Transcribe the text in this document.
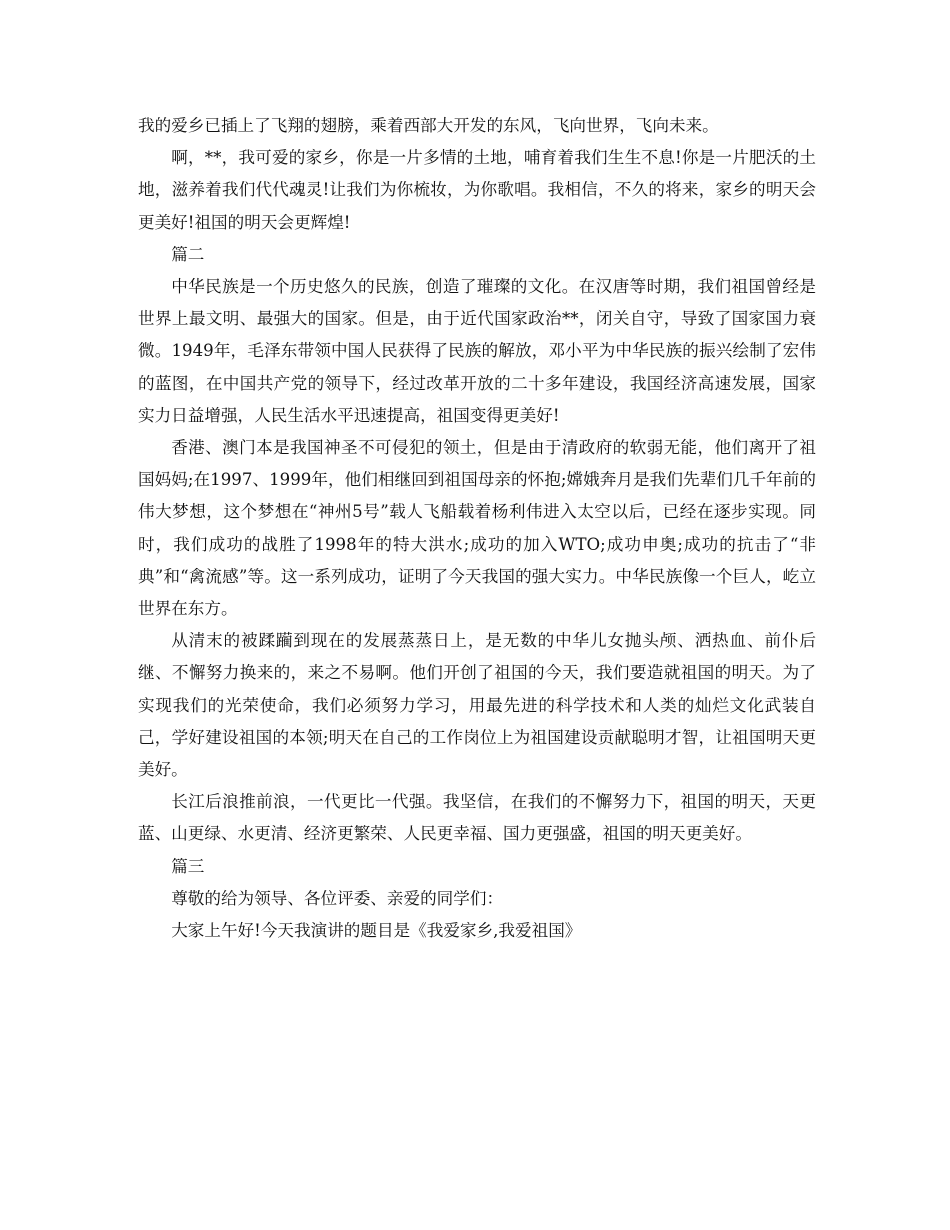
我的爱乡已插上了飞翔的翅膀，乘着西部大开发的东风，飞向世界，飞向未来。

啊，**，我可爱的家乡，你是一片多情的土地，哺育着我们生生不息!你是一片肥沃的土地，滋养着我们代代魂灵!让我们为你梳妆，为你歌唱。我相信，不久的将来，家乡的明天会更美好!祖国的明天会更辉煌!

篇二

中华民族是一个历史悠久的民族，创造了璀璨的文化。在汉唐等时期，我们祖国曾经是世界上最文明、最强大的国家。但是，由于近代国家政治**，闭关自守，导致了国家国力衰微。1949年，毛泽东带领中国人民获得了民族的解放，邓小平为中华民族的振兴绘制了宏伟的蓝图，在中国共产党的领导下，经过改革开放的二十多年建设，我国经济高速发展，国家实力日益增强，人民生活水平迅速提高，祖国变得更美好!

香港、澳门本是我国神圣不可侵犯的领土，但是由于清政府的软弱无能，他们离开了祖国妈妈;在1997、1999年，他们相继回到祖国母亲的怀抱;嫦娥奔月是我们先辈们几千年前的伟大梦想，这个梦想在“神州5号”载人飞船载着杨利伟进入太空以后，已经在逐步实现。同时，我们成功的战胜了1998年的特大洪水;成功的加入WTO;成功申奥;成功的抗击了“非典”和“禽流感”等。这一系列成功，证明了今天我国的强大实力。中华民族像一个巨人，屹立世界在东方。

从清末的被蹂躏到现在的发展蒸蒸日上，是无数的中华儿女抛头颅、洒热血、前仆后继、不懈努力换来的，来之不易啊。他们开创了祖国的今天，我们要造就祖国的明天。为了实现我们的光荣使命，我们必须努力学习，用最先进的科学技术和人类的灿烂文化武装自己，学好建设祖国的本领;明天在自己的工作岗位上为祖国建设贡献聪明才智，让祖国明天更美好。

长江后浪推前浪，一代更比一代强。我坚信，在我们的不懈努力下，祖国的明天，天更蓝、山更绿、水更清、经济更繁荣、人民更幸福、国力更强盛，祖国的明天更美好。

篇三

尊敬的给为领导、各位评委、亲爱的同学们：

大家上午好!今天我演讲的题目是《我爱家乡,我爱祖国》
